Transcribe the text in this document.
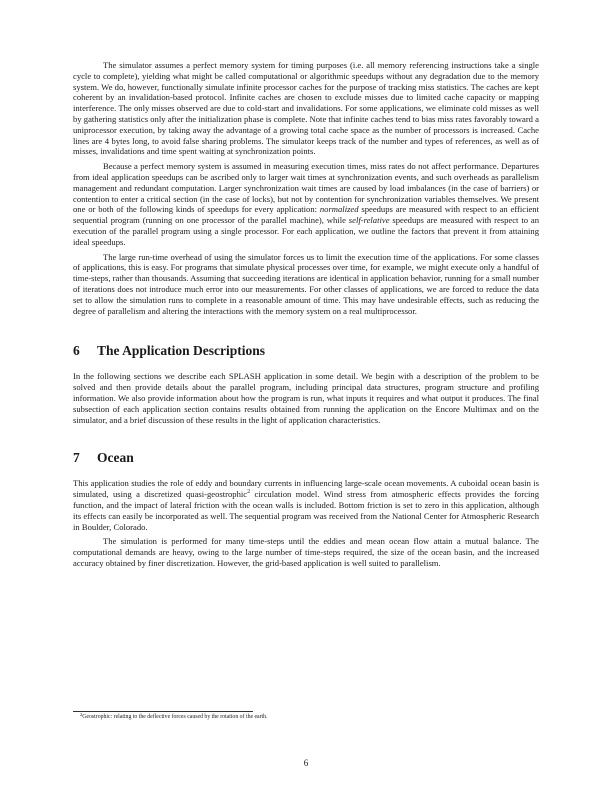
The simulator assumes a perfect memory system for timing purposes (i.e. all memory referencing instructions take a single cycle to complete), yielding what might be called computational or algorithmic speedups without any degradation due to the memory system. We do, however, functionally simulate infinite processor caches for the purpose of tracking miss statistics. The caches are kept coherent by an invalidation-based protocol. Infinite caches are chosen to exclude misses due to limited cache capacity or mapping interference. The only misses observed are due to cold-start and invalidations. For some applications, we eliminate cold misses as well by gathering statistics only after the initialization phase is complete. Note that infinite caches tend to bias miss rates favorably toward a uniprocessor execution, by taking away the advantage of a growing total cache space as the number of processors is increased. Cache lines are 4 bytes long, to avoid false sharing problems. The simulator keeps track of the number and types of references, as well as of misses, invalidations and time spent waiting at synchronization points.

Because a perfect memory system is assumed in measuring execution times, miss rates do not affect performance. Departures from ideal application speedups can be ascribed only to larger wait times at synchronization events, and such overheads as parallelism management and redundant computation. Larger synchronization wait times are caused by load imbalances (in the case of barriers) or contention to enter a critical section (in the case of locks), but not by contention for synchronization variables themselves. We present one or both of the following kinds of speedups for every application: normalized speedups are measured with respect to an efficient sequential program (running on one processor of the parallel machine), while self-relative speedups are measured with respect to an execution of the parallel program using a single processor. For each application, we outline the factors that prevent it from attaining ideal speedups.

The large run-time overhead of using the simulator forces us to limit the execution time of the applications. For some classes of applications, this is easy. For programs that simulate physical processes over time, for example, we might execute only a handful of time-steps, rather than thousands. Assuming that succeeding iterations are identical in application behavior, running for a small number of iterations does not introduce much error into our measurements. For other classes of applications, we are forced to reduce the data set to allow the simulation runs to complete in a reasonable amount of time. This may have undesirable effects, such as reducing the degree of parallelism and altering the interactions with the memory system on a real multiprocessor.

6 The Application Descriptions

In the following sections we describe each SPLASH application in some detail. We begin with a description of the problem to be solved and then provide details about the parallel program, including principal data structures, program structure and profiling information. We also provide information about how the program is run, what inputs it requires and what output it produces. The final subsection of each application section contains results obtained from running the application on the Encore Multimax and on the simulator, and a brief discussion of these results in the light of application characteristics.

7 Ocean

This application studies the role of eddy and boundary currents in influencing large-scale ocean movements. A cuboidal ocean basin is simulated, using a discretized quasi-geostrophic$^2$ circulation model. Wind stress from atmospheric effects provides the forcing function, and the impact of lateral friction with the ocean walls is included. Bottom friction is set to zero in this application, although its effects can easily be incorporated as well. The sequential program was received from the National Center for Atmospheric Research in Boulder, Colorado.

The simulation is performed for many time-steps until the eddies and mean ocean flow attain a mutual balance. The computational demands are heavy, owing to the large number of time-steps required, the size of the ocean basin, and the increased accuracy obtained by finer discretization. However, the grid-based application is well suited to parallelism.

$^2$Geostrophic: relating to the deflective forces caused by the rotation of the earth.
6
